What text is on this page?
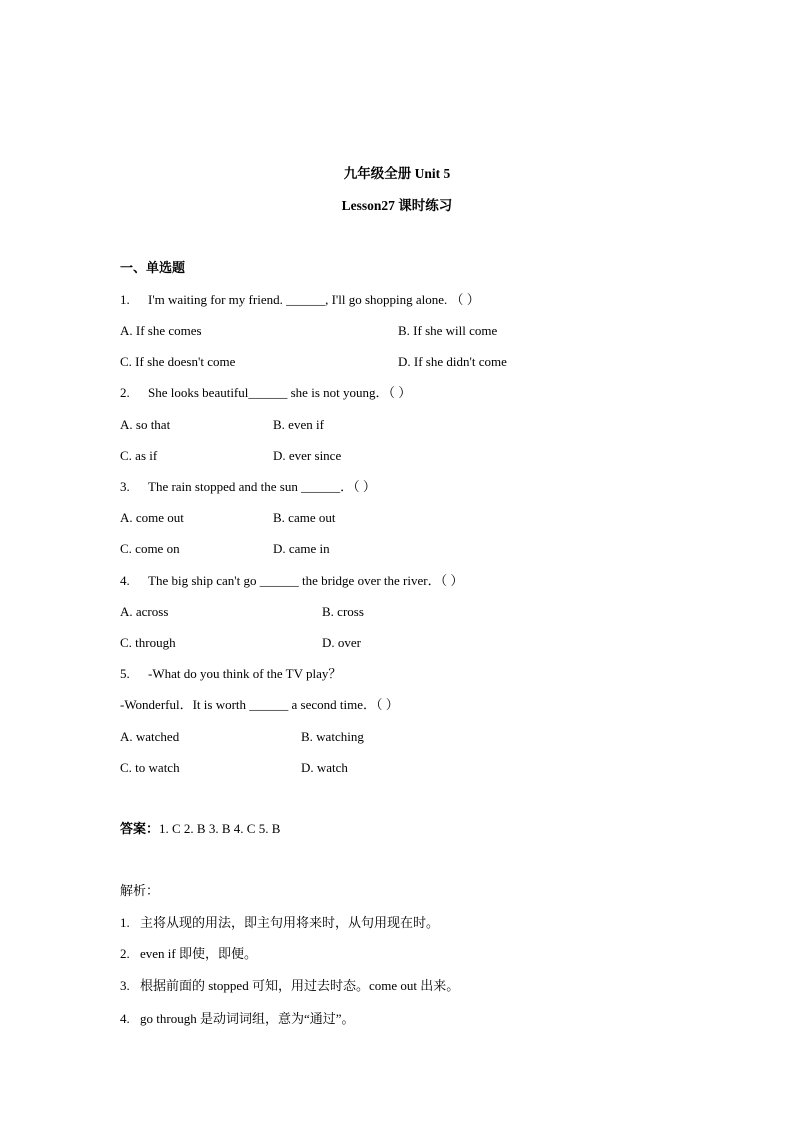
九年级全册 Unit 5
Lesson27 课时练习
一、单选题
1. I'm waiting for my friend. ______, I'll go shopping alone. （ ）
A. If she comes	B. If she will come
C. If she doesn't come	D. If she didn't come
2. She looks beautiful______ she is not young．（ ）
A. so that	B. even if
C. as if	D. ever since
3. The rain stopped and the sun ______．（ ）
A. come out	B. came out
C. come on	D. came in
4. The big ship can't go ______ the bridge over the river．（ ）
A. across	B. cross
C. through	D. over
5. -What do you think of the TV play？
-Wonderful．It is worth ______ a second time．（ ）
A. watched	B. watching
C. to watch	D. watch
答案：1. C 2. B 3. B 4. C 5. B
解析：
1. 主将从现的用法，即主句用将来时，从句用现在时。
2. even if 即使，即便。
3. 根据前面的 stopped 可知，用过去时态。come out 出来。
4. go through 是动词词组，意为“通过”。
